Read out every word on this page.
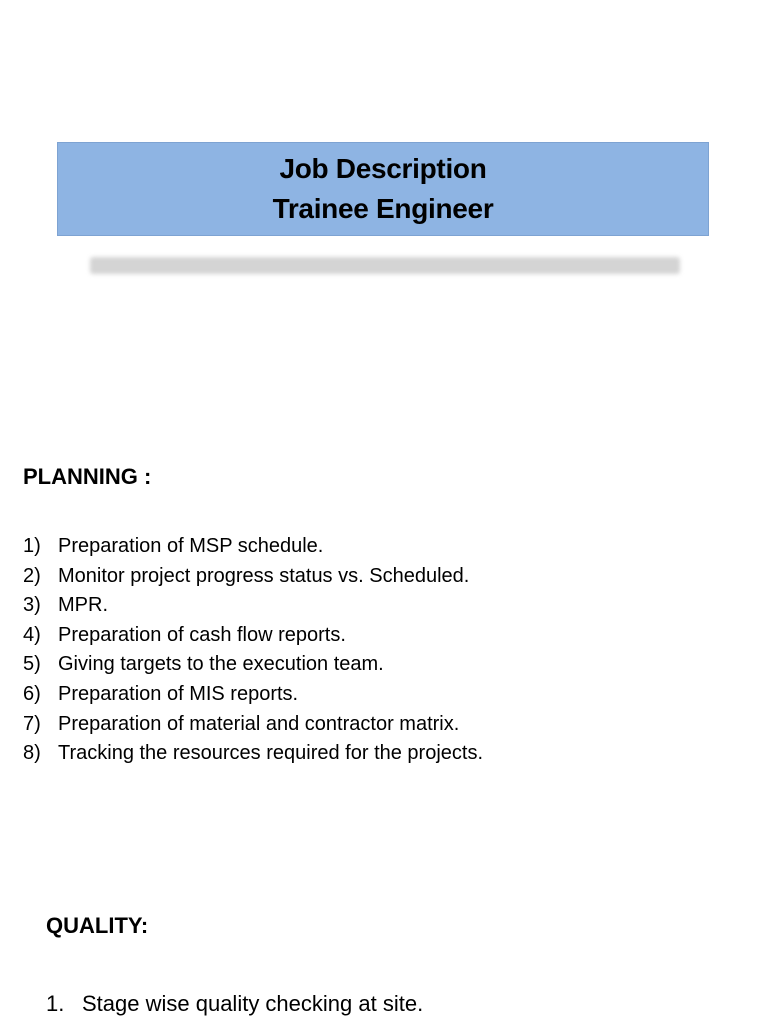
Job Description
Trainee Engineer
PLANNING :
1) Preparation of MSP schedule.
2) Monitor project progress status vs. Scheduled.
3) MPR.
4) Preparation of cash flow reports.
5) Giving targets to the execution team.
6) Preparation of MIS reports.
7) Preparation of material and contractor matrix.
8) Tracking the resources required for the projects.
QUALITY:
1. Stage wise quality checking at site.
